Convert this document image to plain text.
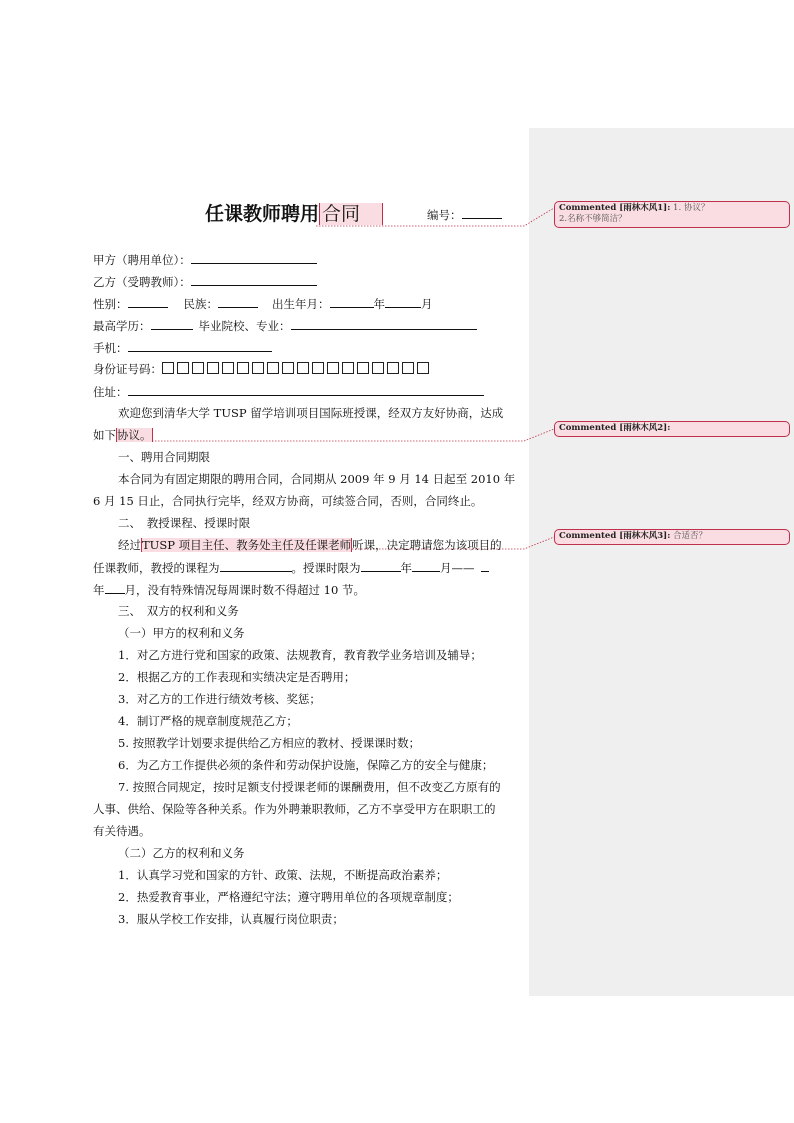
任课教师聘用 合同	编号：
甲方（聘用单位）：
乙方（受聘教师）：
性别：	民族：	出生年月：	年	月
最高学历：	毕业院校、专业：
手机：
身份证号码：
住址：
欢迎您到清华大学 TUSP 留学培训项目国际班授课，经双方友好协商，达成
如下协议。
一、聘用合同期限
本合同为有固定期限的聘用合同，合同期从 2009 年 9 月 14 日起至 2010 年
6 月 15 日止，合同执行完毕，经双方协商，可续签合同，否则，合同终止。
二、　教授课程、授课时限
经过TUSP 项目主任、教务处主任及任课老师听课，决定聘请您为该项目的
任课教师，教授的课程为	。授课时限为	年 月——
年 月，没有特殊情况每周课时数不得超过 10 节。
三、　双方的权利和义务
（一）甲方的权利和义务
1．对乙方进行党和国家的政策、法规教育，教育教学业务培训及辅导；
2．根据乙方的工作表现和实绩决定是否聘用；
3．对乙方的工作进行绩效考核、奖惩；
4．制订严格的规章制度规范乙方；
5. 按照教学计划要求提供给乙方相应的教材、授课课时数；
6．为乙方工作提供必须的条件和劳动保护设施，保障乙方的安全与健康；
7. 按照合同规定，按时足额支付授课老师的课酬费用，但不改变乙方原有的
人事、供给、保险等各种关系。作为外聘兼职教师，乙方不享受甲方在职职工的
有关待遇。
（二）乙方的权利和义务
1．认真学习党和国家的方针、政策、法规，不断提高政治素养；
2．热爱教育事业，严格遵纪守法；遵守聘用单位的各项规章制度；
3．服从学校工作安排，认真履行岗位职责；
Commented [雨林木风1]: 1. 协议？
2.名称不够简洁？
Commented [雨林木风2]:
Commented [雨林木风3]: 合适否？
